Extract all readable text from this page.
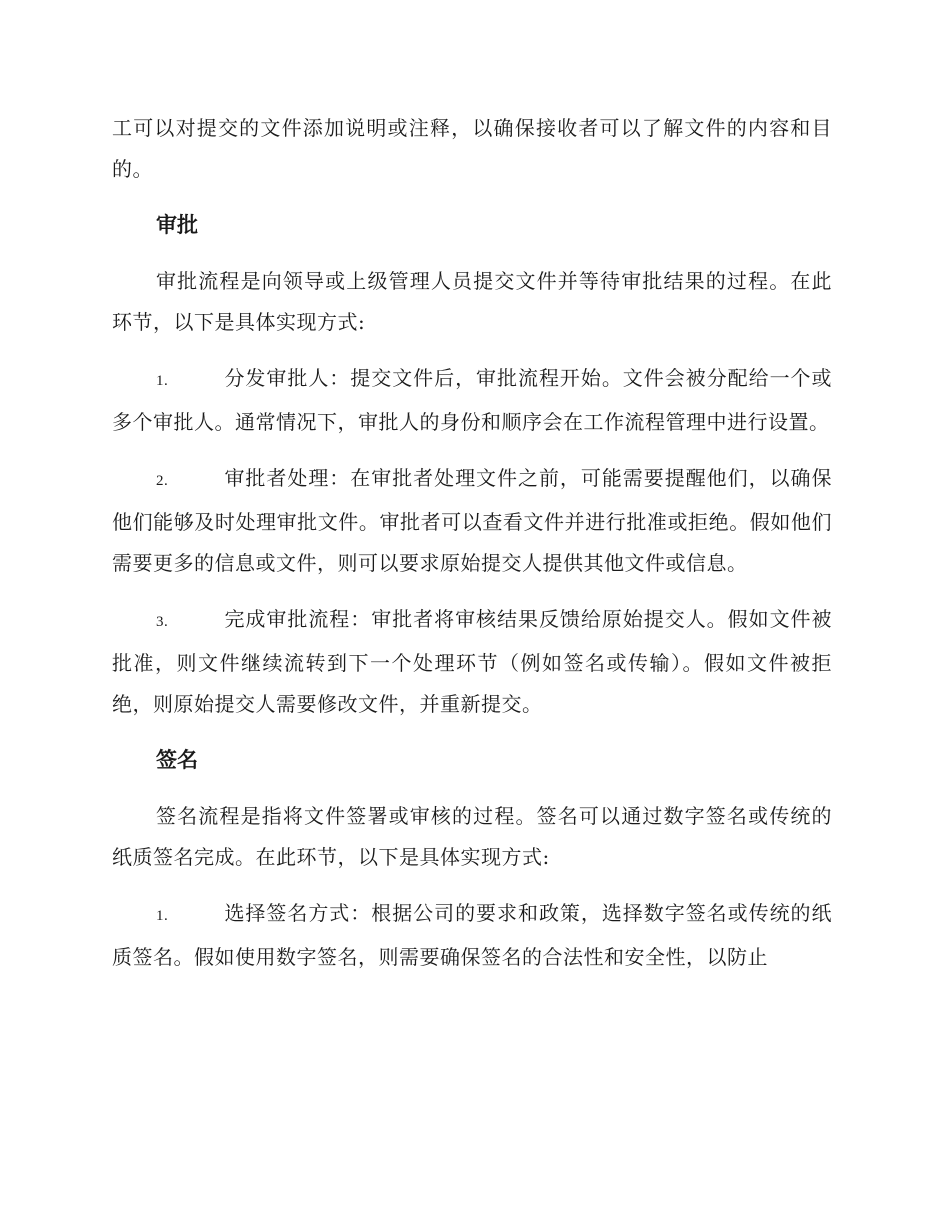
工可以对提交的文件添加说明或注释，以确保接收者可以了解文件的内容和目的。

审批

审批流程是向领导或上级管理人员提交文件并等待审批结果的过程。在此环节，以下是具体实现方式:

1.	分发审批人：提交文件后，审批流程开始。文件会被分配给一个或多个审批人。通常情况下，审批人的身份和顺序会在工作流程管理中进行设置。

2.	审批者处理：在审批者处理文件之前，可能需要提醒他们，以确保他们能够及时处理审批文件。审批者可以查看文件并进行批准或拒绝。假如他们需要更多的信息或文件，则可以要求原始提交人提供其他文件或信息。

3.	完成审批流程：审批者将审核结果反馈给原始提交人。假如文件被批准，则文件继续流转到下一个处理环节（例如签名或传输）。假如文件被拒绝，则原始提交人需要修改文件，并重新提交。

签名

签名流程是指将文件签署或审核的过程。签名可以通过数字签名或传统的纸质签名完成。在此环节，以下是具体实现方式:

1.	选择签名方式：根据公司的要求和政策，选择数字签名或传统的纸质签名。假如使用数字签名，则需要确保签名的合法性和安全性，以防止
